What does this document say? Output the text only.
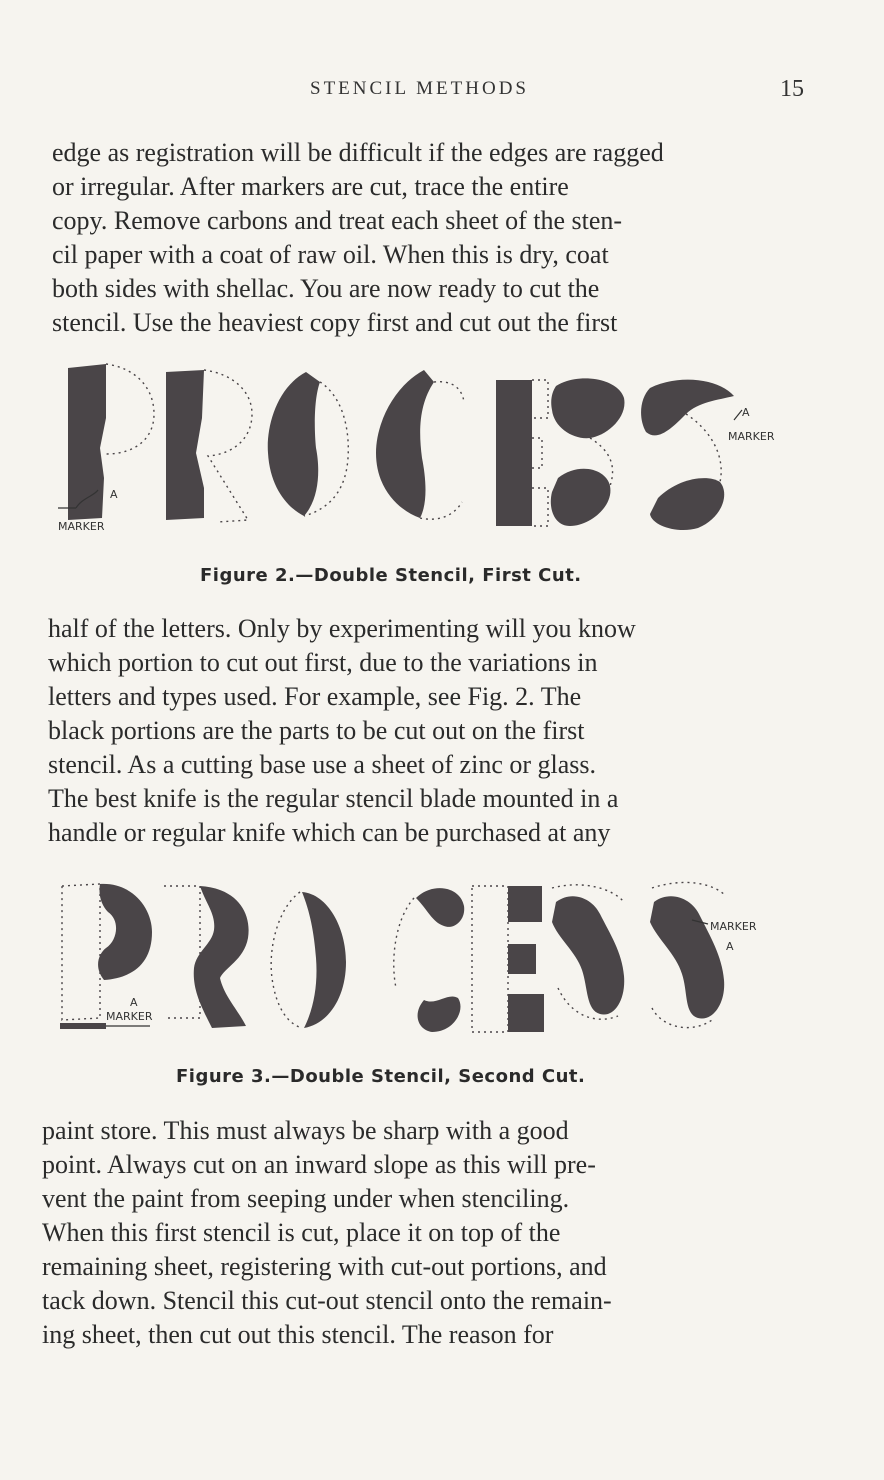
STENCIL METHODS	15

edge as registration will be difficult if the edges are ragged
or irregular. After markers are cut, trace the entire
copy. Remove carbons and treat each sheet of the sten-
cil paper with a coat of raw oil. When this is dry, coat
both sides with shellac. You are now ready to cut the
stencil. Use the heaviest copy first and cut out the first

MARKER
A
A
MARKER

Figure 2.—Double Stencil, First Cut.

half of the letters. Only by experimenting will you know
which portion to cut out first, due to the variations in
letters and types used. For example, see Fig. 2. The
black portions are the parts to be cut out on the first
stencil. As a cutting base use a sheet of zinc or glass.
The best knife is the regular stencil blade mounted in a
handle or regular knife which can be purchased at any

A
MARKER
MARKER
A

Figure 3.—Double Stencil, Second Cut.

paint store. This must always be sharp with a good
point. Always cut on an inward slope as this will pre-
vent the paint from seeping under when stenciling.
When this first stencil is cut, place it on top of the
remaining sheet, registering with cut-out portions, and
tack down. Stencil this cut-out stencil onto the remain-
ing sheet, then cut out this stencil. The reason for
